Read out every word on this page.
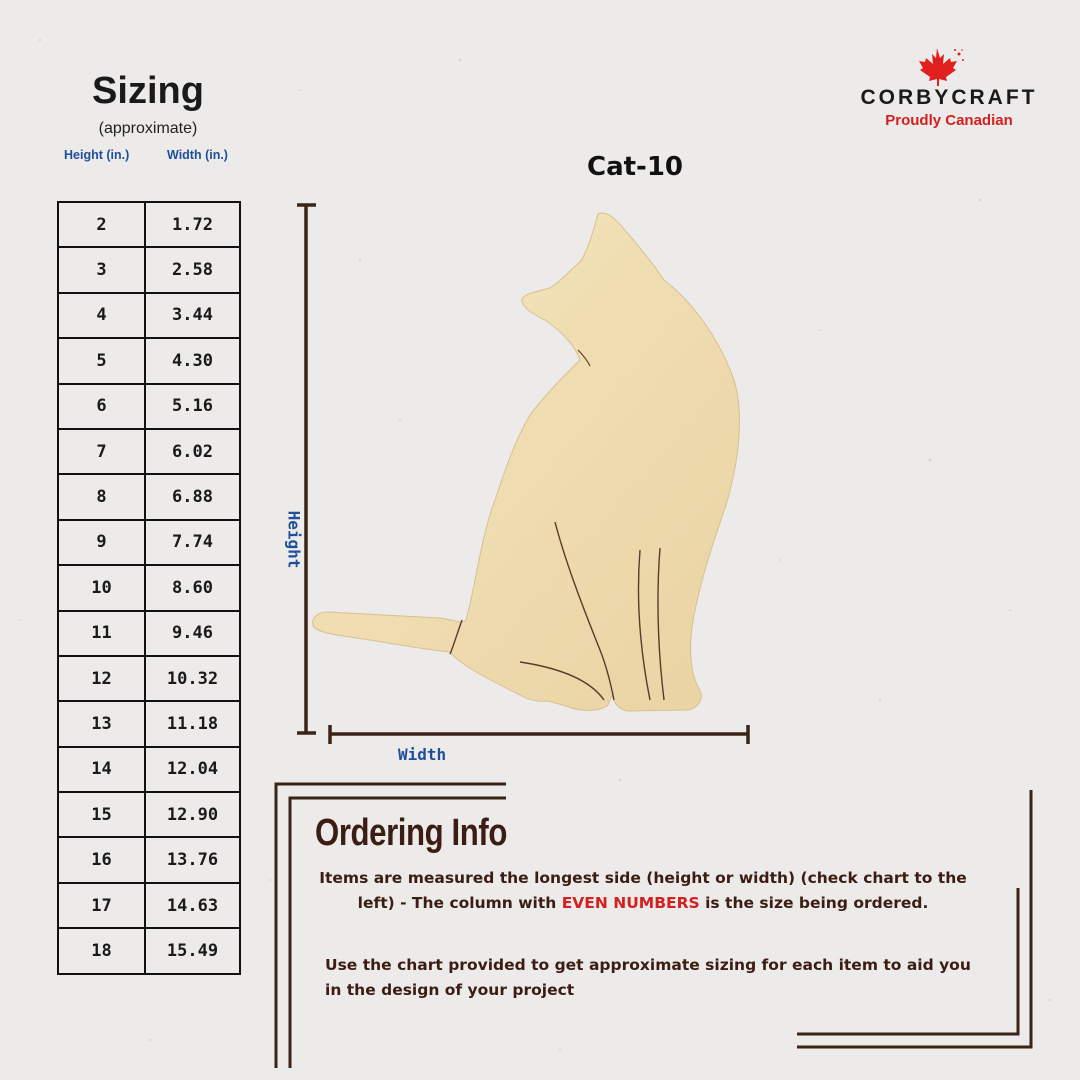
Sizing
(approximate)
Height (in.)	Width (in.)
2	1.72
3	2.58
4	3.44
5	4.30
6	5.16
7	6.02
8	6.88
9	7.74
10	8.60
11	9.46
12	10.32
13	11.18
14	12.04
15	12.90
16	13.76
17	14.63
18	15.49
CORBYCRAFT
Proudly Canadian
Cat-10
Height
Width
Ordering Info
Items are measured the longest side (height or width) (check chart to the left) - The column with EVEN NUMBERS is the size being ordered.
Use the chart provided to get approximate sizing for each item to aid you in the design of your project
